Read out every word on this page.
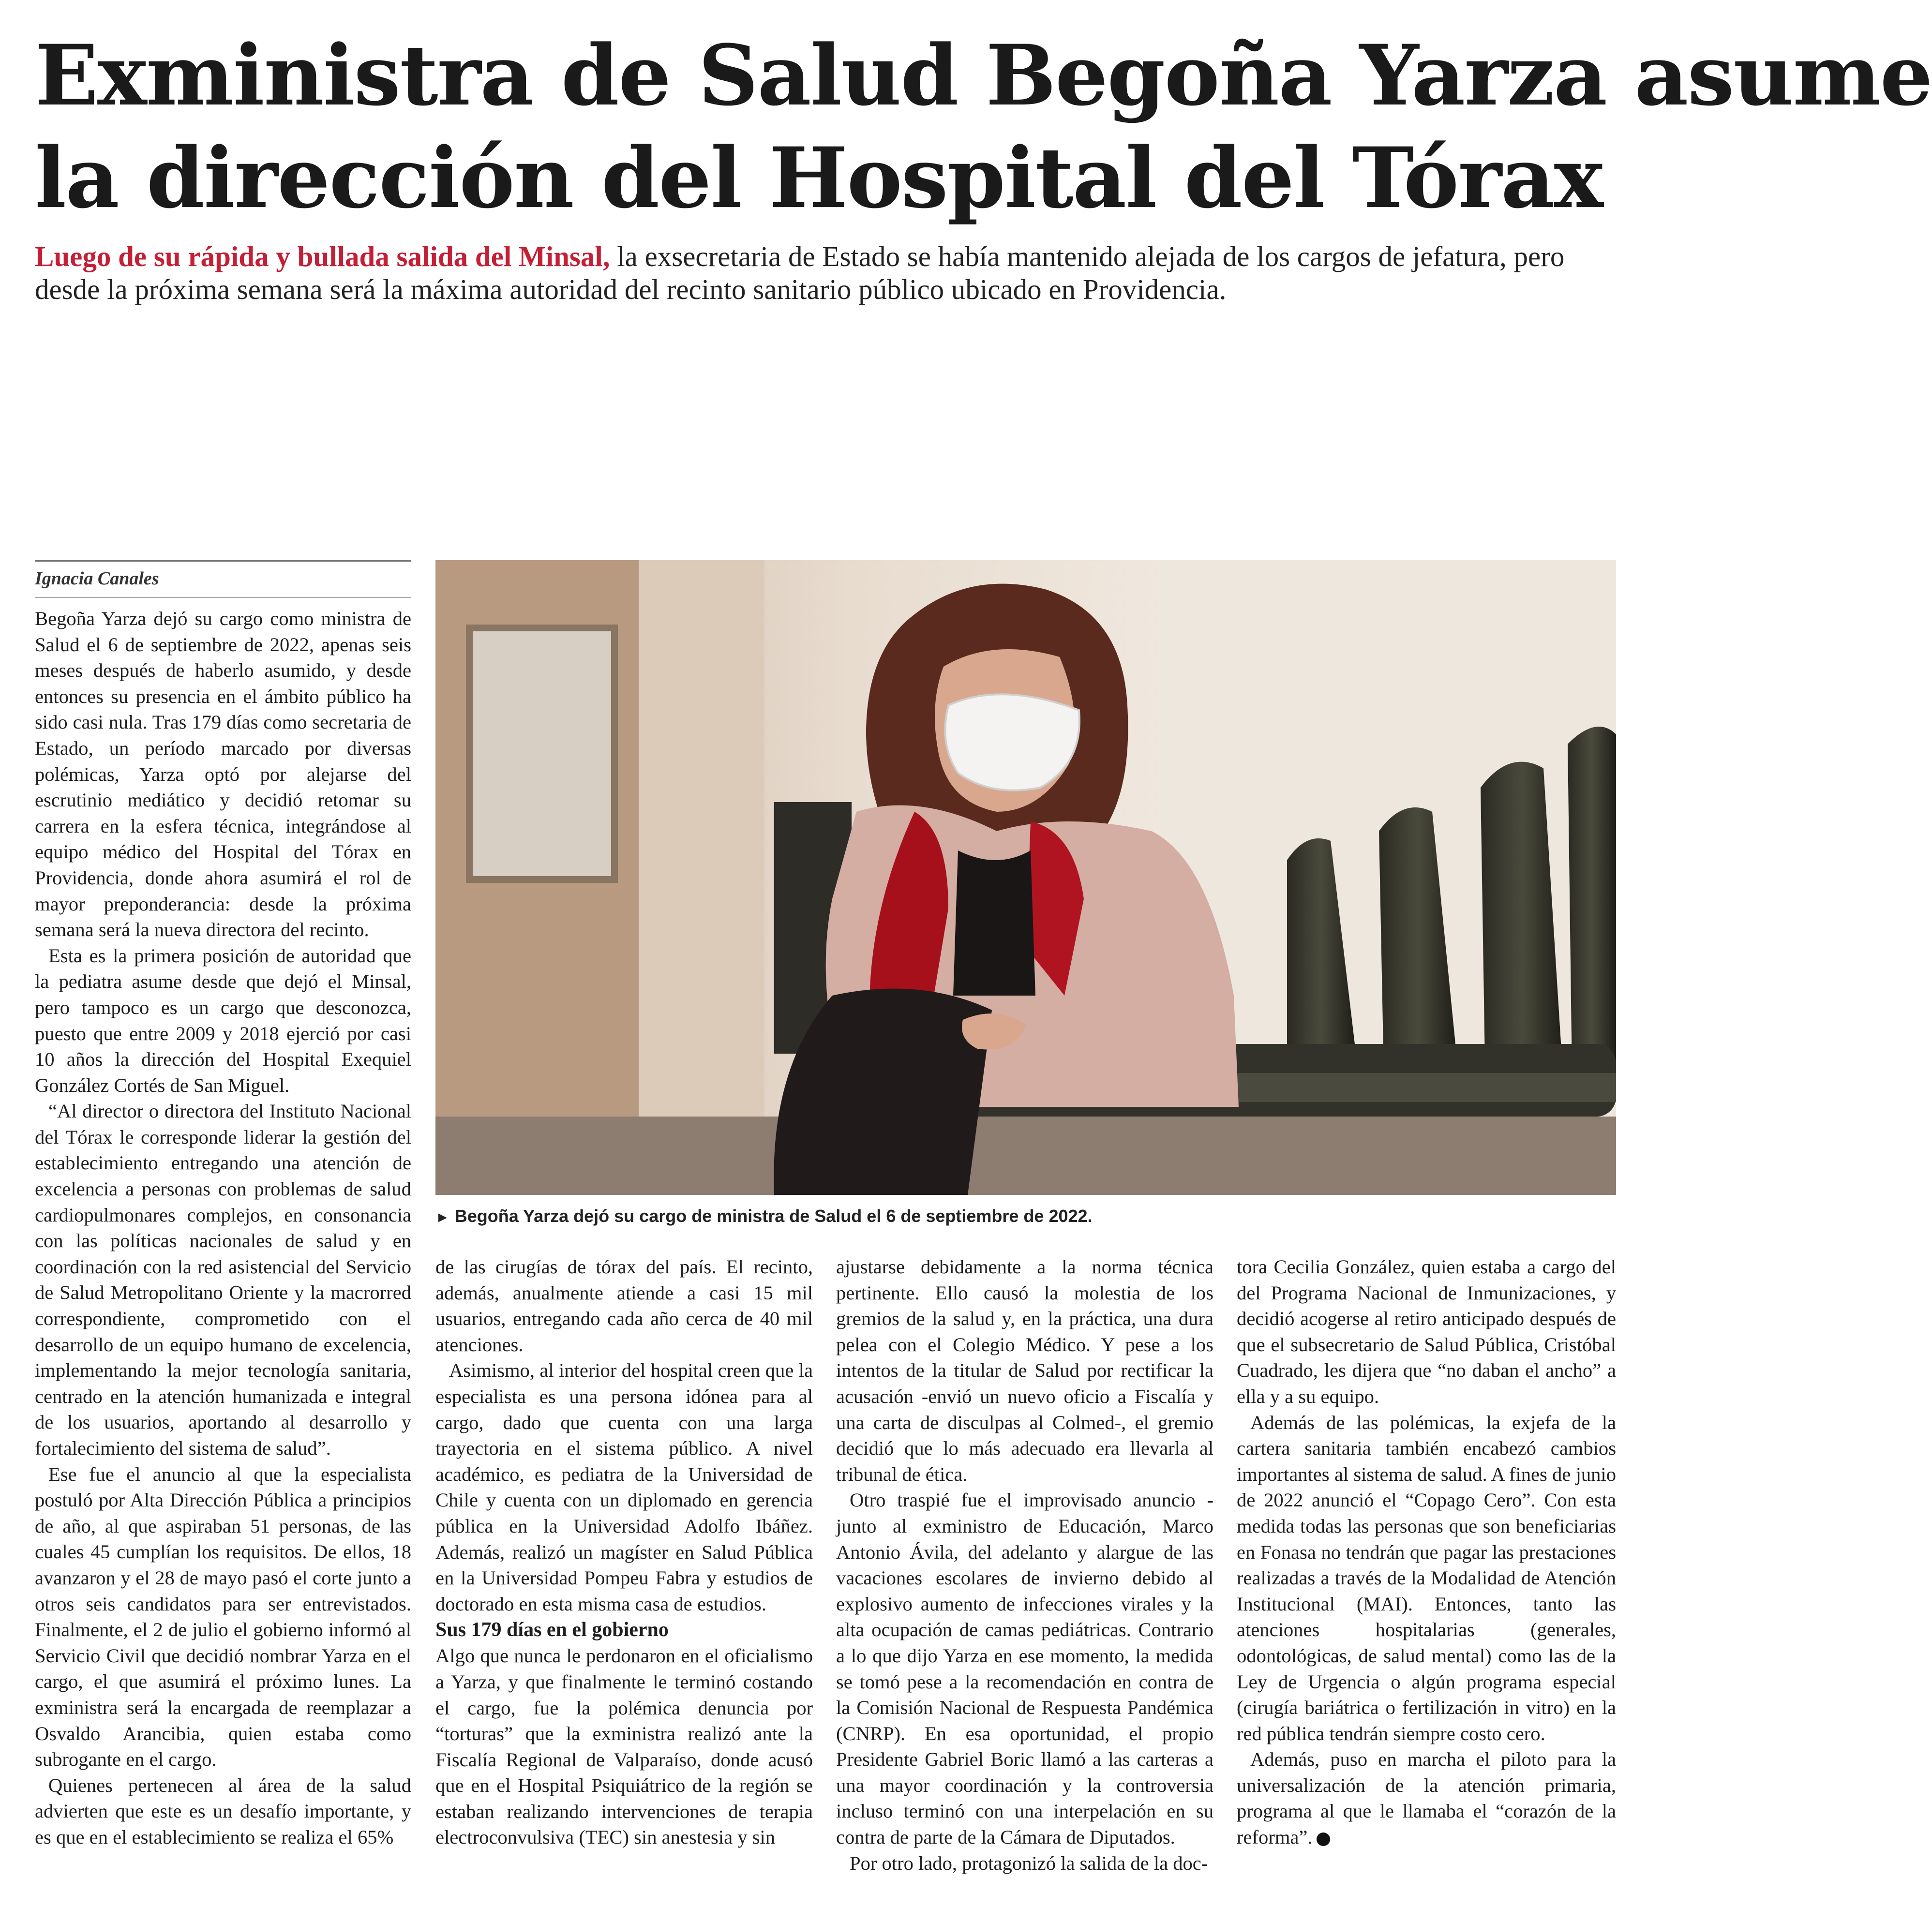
Exministra de Salud Begoña Yarza asume
la dirección del Hospital del Tórax
Luego de su rápida y bullada salida del Minsal, la exsecretaria de Estado se había mantenido alejada de los cargos de jefatura, pero desde la próxima semana será la máxima autoridad del recinto sanitario público ubicado en Providencia.
Ignacia Canales

Begoña Yarza dejó su cargo como ministra de Salud el 6 de septiembre de 2022, apenas seis meses después de haberlo asumido, y desde entonces su presencia en el ámbito público ha sido casi nula. Tras 179 días como secretaria de Estado, un período marcado por diversas polémicas, Yarza optó por alejarse del escrutinio mediático y decidió retomar su carrera en la esfera técnica, integrándose al equipo médico del Hospital del Tórax en Providencia, donde ahora asumirá el rol de mayor preponderancia: desde la próxima semana será la nueva directora del recinto.

Esta es la primera posición de autoridad que la pediatra asume desde que dejó el Minsal, pero tampoco es un cargo que desconozca, puesto que entre 2009 y 2018 ejerció por casi 10 años la dirección del Hospital Exequiel González Cortés de San Miguel.

“Al director o directora del Instituto Nacional del Tórax le corresponde liderar la gestión del establecimiento entregando una atención de excelencia a personas con problemas de salud cardiopulmonares complejos, en consonancia con las políticas nacionales de salud y en coordinación con la red asistencial del Servicio de Salud Metropolitano Oriente y la macrorred correspondiente, comprometido con el desarrollo de un equipo humano de excelencia, implementando la mejor tecnología sanitaria, centrado en la atención humanizada e integral de los usuarios, aportando al desarrollo y fortalecimiento del sistema de salud”.

Ese fue el anuncio al que la especialista postuló por Alta Dirección Pública a principios de año, al que aspiraban 51 personas, de las cuales 45 cumplían los requisitos. De ellos, 18 avanzaron y el 28 de mayo pasó el corte junto a otros seis candidatos para ser entrevistados. Finalmente, el 2 de julio el gobierno informó al Servicio Civil que decidió nombrar Yarza en el cargo, el que asumirá el próximo lunes. La exministra será la encargada de reemplazar a Osvaldo Arancibia, quien estaba como subrogante en el cargo.

Quienes pertenecen al área de la salud advierten que este es un desafío importante, y es que en el establecimiento se realiza el 65%

► Begoña Yarza dejó su cargo de ministra de Salud el 6 de septiembre de 2022.

de las cirugías de tórax del país. El recinto, además, anualmente atiende a casi 15 mil usuarios, entregando cada año cerca de 40 mil atenciones.

Asimismo, al interior del hospital creen que la especialista es una persona idónea para al cargo, dado que cuenta con una larga trayectoria en el sistema público. A nivel académico, es pediatra de la Universidad de Chile y cuenta con un diplomado en gerencia pública en la Universidad Adolfo Ibáñez. Además, realizó un magíster en Salud Pública en la Universidad Pompeu Fabra y estudios de doctorado en esta misma casa de estudios.

Sus 179 días en el gobierno

Algo que nunca le perdonaron en el oficialismo a Yarza, y que finalmente le terminó costando el cargo, fue la polémica denuncia por “torturas” que la exministra realizó ante la Fiscalía Regional de Valparaíso, donde acusó que en el Hospital Psiquiátrico de la región se estaban realizando intervenciones de terapia electroconvulsiva (TEC) sin anestesia y sin

ajustarse debidamente a la norma técnica pertinente. Ello causó la molestia de los gremios de la salud y, en la práctica, una dura pelea con el Colegio Médico. Y pese a los intentos de la titular de Salud por rectificar la acusación -envió un nuevo oficio a Fiscalía y una carta de disculpas al Colmed-, el gremio decidió que lo más adecuado era llevarla al tribunal de ética.

Otro traspié fue el improvisado anuncio -junto al exministro de Educación, Marco Antonio Ávila, del adelanto y alargue de las vacaciones escolares de invierno debido al explosivo aumento de infecciones virales y la alta ocupación de camas pediátricas. Contrario a lo que dijo Yarza en ese momento, la medida se tomó pese a la recomendación en contra de la Comisión Nacional de Respuesta Pandémica (CNRP). En esa oportunidad, el propio Presidente Gabriel Boric llamó a las carteras a una mayor coordinación y la controversia incluso terminó con una interpelación en su contra de parte de la Cámara de Diputados.

Por otro lado, protagonizó la salida de la doc-

tora Cecilia González, quien estaba a cargo del del Programa Nacional de Inmunizaciones, y decidió acogerse al retiro anticipado después de que el subsecretario de Salud Pública, Cristóbal Cuadrado, les dijera que “no daban el ancho” a ella y a su equipo.

Además de las polémicas, la exjefa de la cartera sanitaria también encabezó cambios importantes al sistema de salud. A fines de junio de 2022 anunció el “Copago Cero”. Con esta medida todas las personas que son beneficiarias en Fonasa no tendrán que pagar las prestaciones realizadas a través de la Modalidad de Atención Institucional (MAI). Entonces, tanto las atenciones hospitalarias (generales, odontológicas, de salud mental) como las de la Ley de Urgencia o algún programa especial (cirugía bariátrica o fertilización in vitro) en la red pública tendrán siempre costo cero.

Además, puso en marcha el piloto para la universalización de la atención primaria, programa al que le llamaba el “corazón de la reforma”.
